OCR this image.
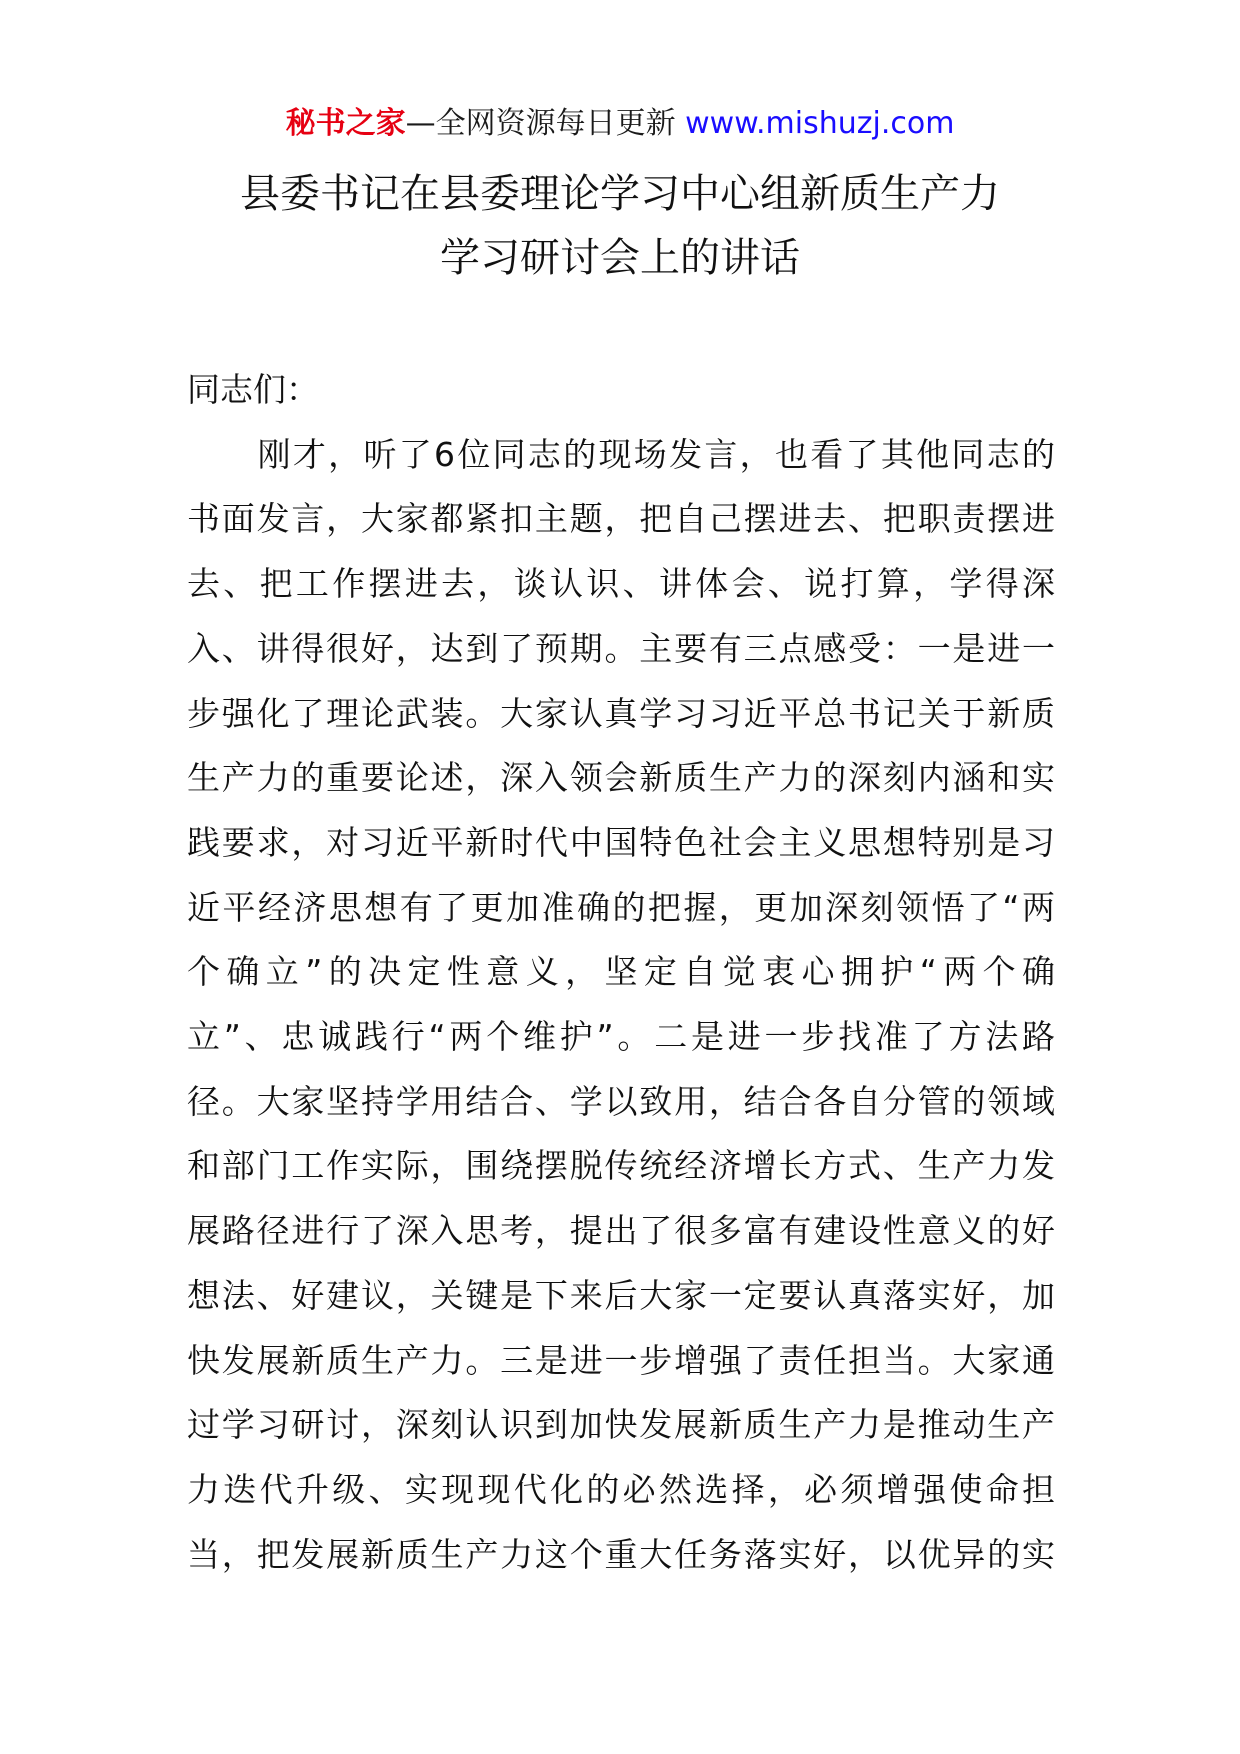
秘书之家—全网资源每日更新 www.mishuzj.com
县委书记在县委理论学习中心组新质生产力
学习研讨会上的讲话
同志们：
　　刚才，听了6位同志的现场发言，也看了其他同志的
书面发言，大家都紧扣主题，把自己摆进去、把职责摆进
去、把工作摆进去，谈认识、讲体会、说打算，学得深
入、讲得很好，达到了预期。主要有三点感受：一是进一
步强化了理论武装。大家认真学习习近平总书记关于新质
生产力的重要论述，深入领会新质生产力的深刻内涵和实
践要求，对习近平新时代中国特色社会主义思想特别是习
近平经济思想有了更加准确的把握，更加深刻领悟了“两
个确立”的决定性意义，坚定自觉衷心拥护“两个确
立”、忠诚践行“两个维护”。二是进一步找准了方法路
径。大家坚持学用结合、学以致用，结合各自分管的领域
和部门工作实际，围绕摆脱传统经济增长方式、生产力发
展路径进行了深入思考，提出了很多富有建设性意义的好
想法、好建议，关键是下来后大家一定要认真落实好，加
快发展新质生产力。三是进一步增强了责任担当。大家通
过学习研讨，深刻认识到加快发展新质生产力是推动生产
力迭代升级、实现现代化的必然选择，必须增强使命担
当，把发展新质生产力这个重大任务落实好，以优异的实
